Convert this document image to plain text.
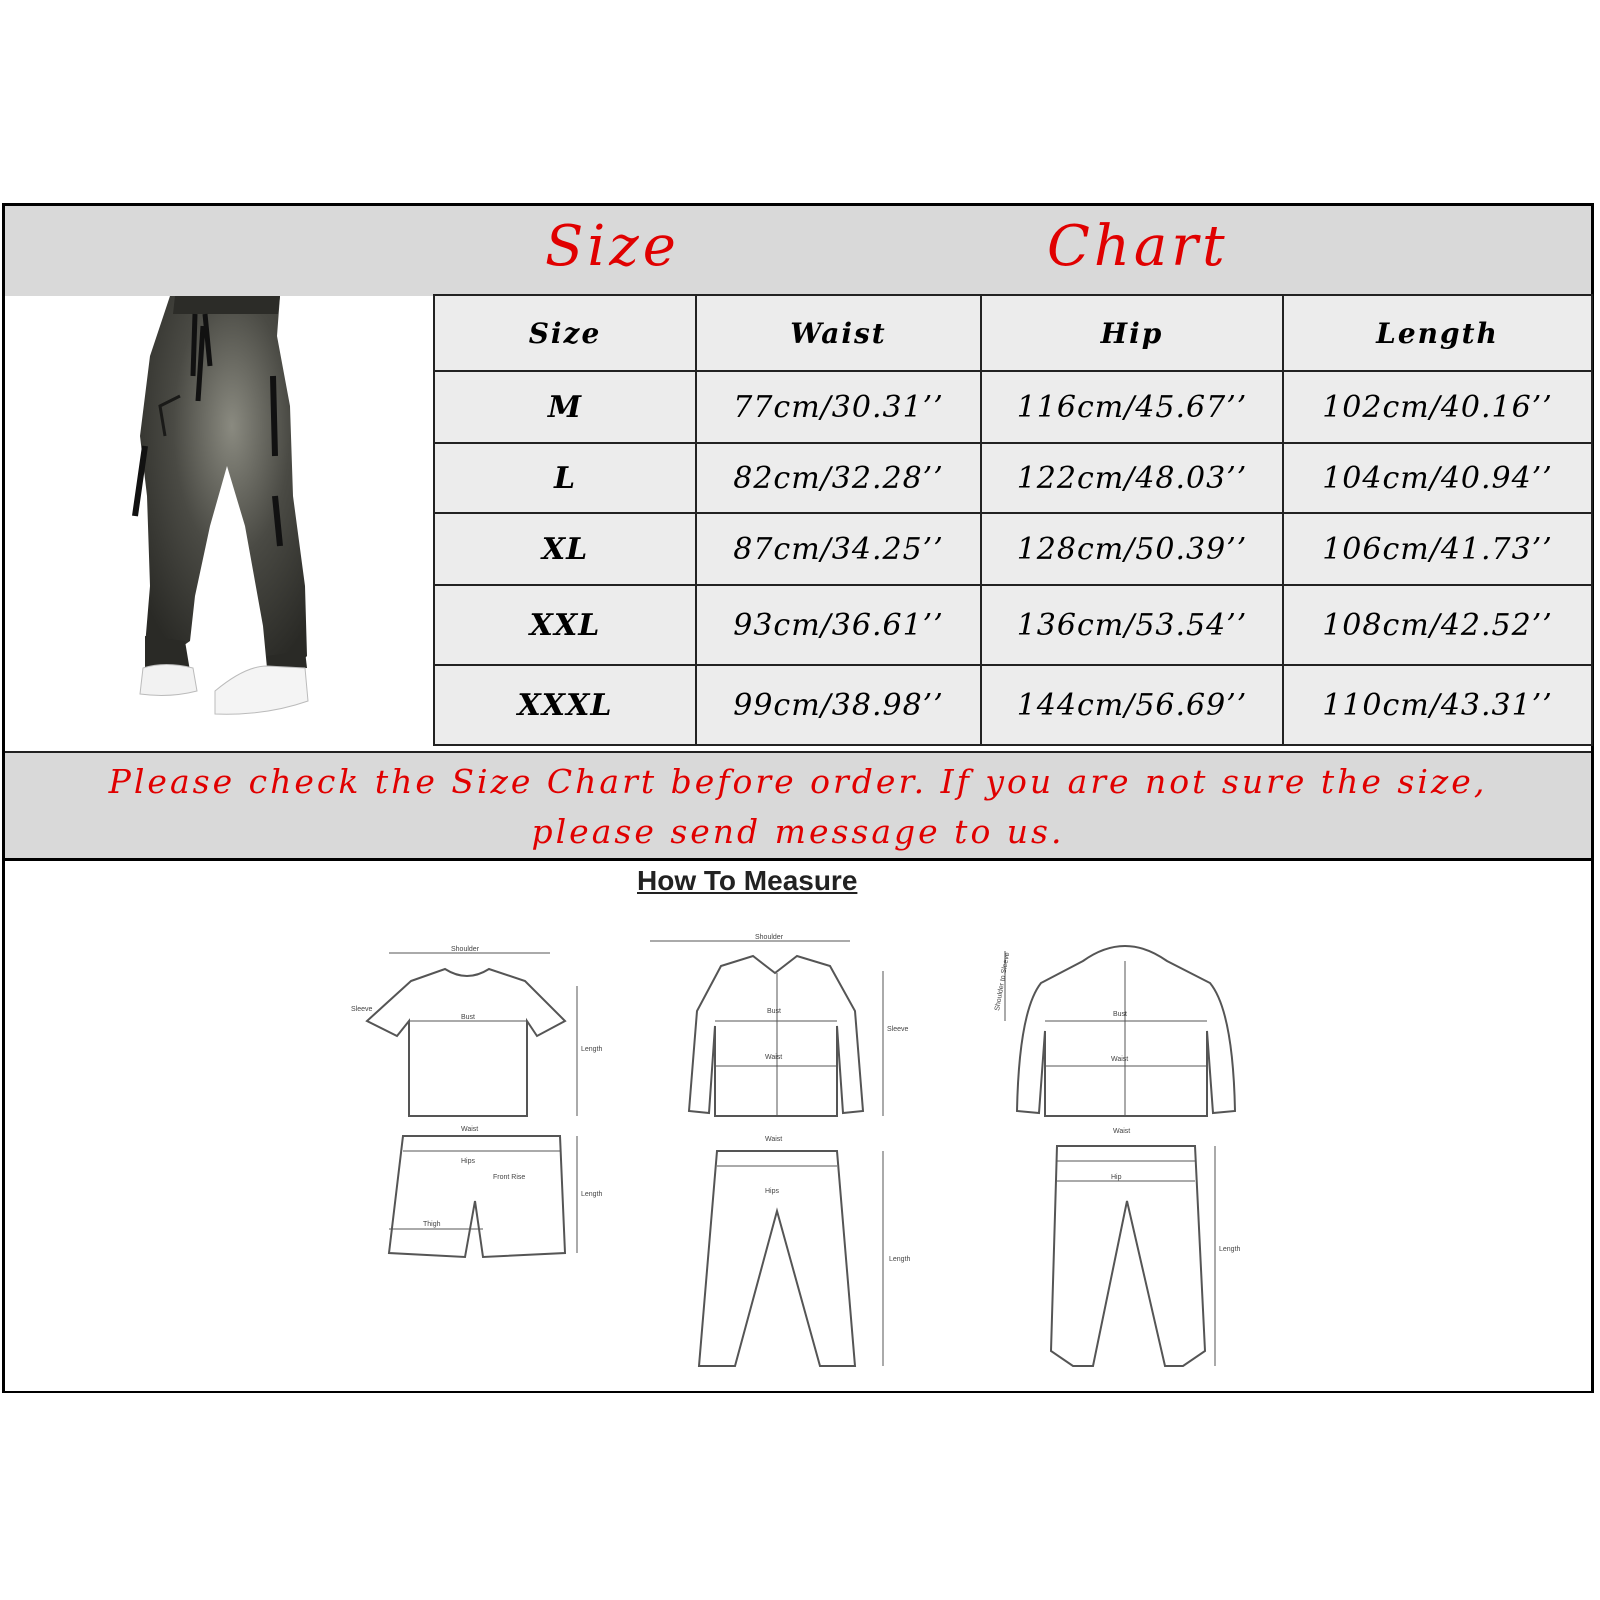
Size	Chart
Size	Waist	Hip	Length
M	77cm/30.31’’	116cm/45.67’’	102cm/40.16’’
L	82cm/32.28’’	122cm/48.03’’	104cm/40.94’’
XL	87cm/34.25’’	128cm/50.39’’	106cm/41.73’’
XXL	93cm/36.61’’	136cm/53.54’’	108cm/42.52’’
XXXL	99cm/38.98’’	144cm/56.69’’	110cm/43.31’’
Please check the Size Chart before order. If you are not sure the size,
please send message to us.
How To Measure
Shoulder
Sleeve
Bust
Length
Waist
Hips
Front Rise
Length
Thigh
Shoulder
Bust
Waist
Sleeve
Waist
Hips
Length
Shoulder to Sleeve
Bust
Waist
Waist
Hip
Length
